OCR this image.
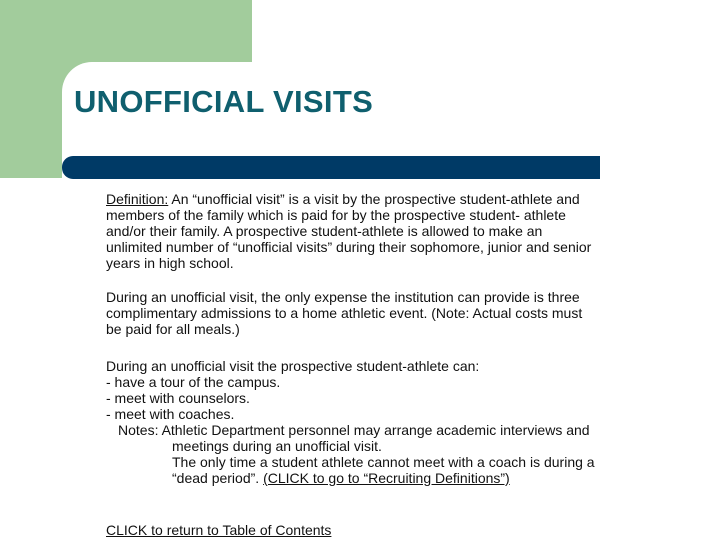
UNOFFICIAL VISITS

Definition: An “unofficial visit” is a visit by the prospective student-athlete and
members of the family which is paid for by the prospective student- athlete
and/or their family. A prospective student-athlete is allowed to make an
unlimited number of “unofficial visits” during their sophomore, junior and senior
years in high school.

During an unofficial visit, the only expense the institution can provide is three
complimentary admissions to a home athletic event. (Note: Actual costs must
be paid for all meals.)

During an unofficial visit the prospective student-athlete can:
- have a tour of the campus.
- meet with counselors.
- meet with coaches.
Notes: Athletic Department personnel may arrange academic interviews and
meetings during an unofficial visit.
The only time a student athlete cannot meet with a coach is during a
“dead period”. (CLICK to go to “Recruiting Definitions”)

CLICK to return to Table of Contents
